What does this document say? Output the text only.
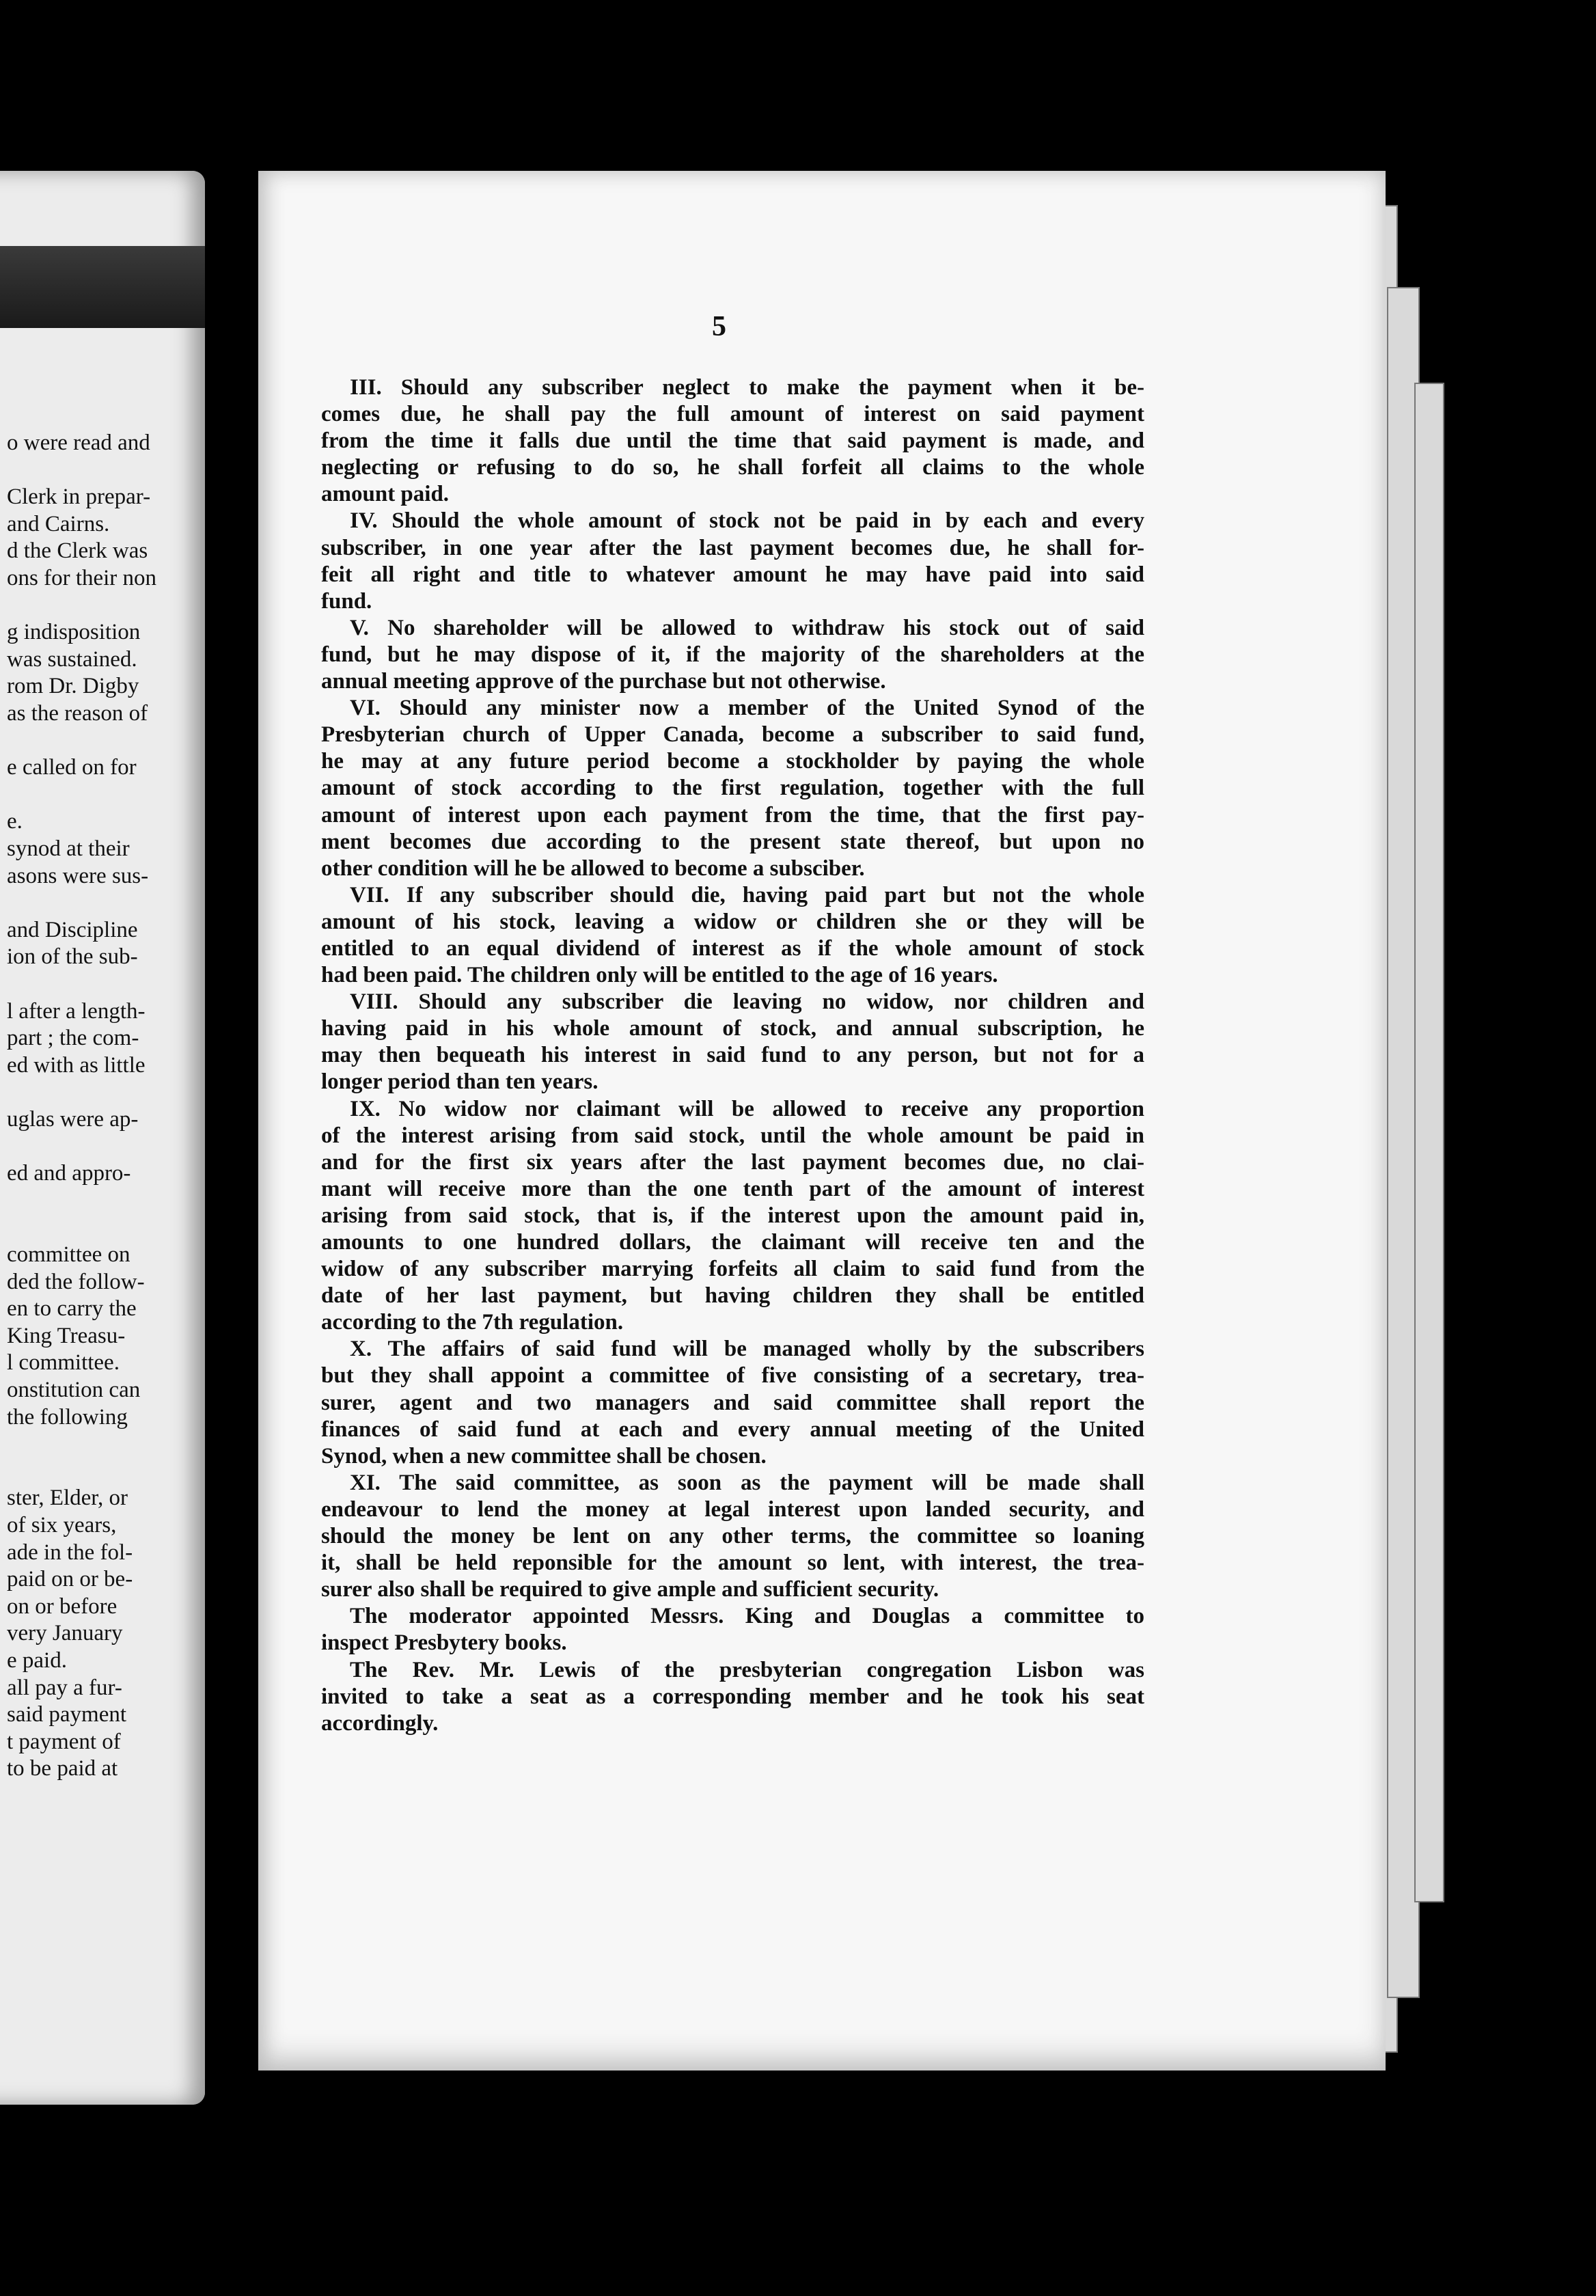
o were read and
Clerk in prepar-
and Cairns.
d the Clerk was
ons for their non
g indisposition
was sustained.
rom Dr. Digby
as the reason of
e called on for
e.
synod at their
asons were sus-
and Discipline
ion of the sub-
l after a length-
part ; the com-
ed with as little
uglas were ap-
ed and appro-
committee on
ded the follow-
en to carry the
King Treasu-
l committee.
onstitution can
the following
ster, Elder, or
of six years,
ade in the fol-
paid on or be-
on or before
very January
e paid.
all pay a fur-
said payment
t payment of
to be paid at
5
III. Should any subscriber neglect to make the payment when it be-
comes due, he shall pay the full amount of interest on said payment
from the time it falls due until the time that said payment is made, and
neglecting or refusing to do so, he shall forfeit all claims to the whole
amount paid.
IV. Should the whole amount of stock not be paid in by each and every
subscriber, in one year after the last payment becomes due, he shall for-
feit all right and title to whatever amount he may have paid into said
fund.
V. No shareholder will be allowed to withdraw his stock out of said
fund, but he may dispose of it, if the majority of the shareholders at the
annual meeting approve of the purchase but not otherwise.
VI. Should any minister now a member of the United Synod of the
Presbyterian church of Upper Canada, become a subscriber to said fund,
he may at any future period become a stockholder by paying the whole
amount of stock according to the first regulation, together with the full
amount of interest upon each payment from the time, that the first pay-
ment becomes due according to the present state thereof, but upon no
other condition will he be allowed to become a subsciber.
VII. If any subscriber should die, having paid part but not the whole
amount of his stock, leaving a widow or children she or they will be
entitled to an equal dividend of interest as if the whole amount of stock
had been paid. The children only will be entitled to the age of 16 years.
VIII. Should any subscriber die leaving no widow, nor children and
having paid in his whole amount of stock, and annual subscription, he
may then bequeath his interest in said fund to any person, but not for a
longer period than ten years.
IX. No widow nor claimant will be allowed to receive any proportion
of the interest arising from said stock, until the whole amount be paid in
and for the first six years after the last payment becomes due, no clai-
mant will receive more than the one tenth part of the amount of interest
arising from said stock, that is, if the interest upon the amount paid in,
amounts to one hundred dollars, the claimant will receive ten and the
widow of any subscriber marrying forfeits all claim to said fund from the
date of her last payment, but having children they shall be entitled
according to the 7th regulation.
X. The affairs of said fund will be managed wholly by the subscribers
but they shall appoint a committee of five consisting of a secretary, trea-
surer, agent and two managers and said committee shall report the
finances of said fund at each and every annual meeting of the United
Synod, when a new committee shall be chosen.
XI. The said committee, as soon as the payment will be made shall
endeavour to lend the money at legal interest upon landed security, and
should the money be lent on any other terms, the committee so loaning
it, shall be held reponsible for the amount so lent, with interest, the trea-
surer also shall be required to give ample and sufficient security.
The moderator appointed Messrs. King and Douglas a committee to
inspect Presbytery books.
The Rev. Mr. Lewis of the presbyterian congregation Lisbon was
invited to take a seat as a corresponding member and he took his seat
accordingly.
